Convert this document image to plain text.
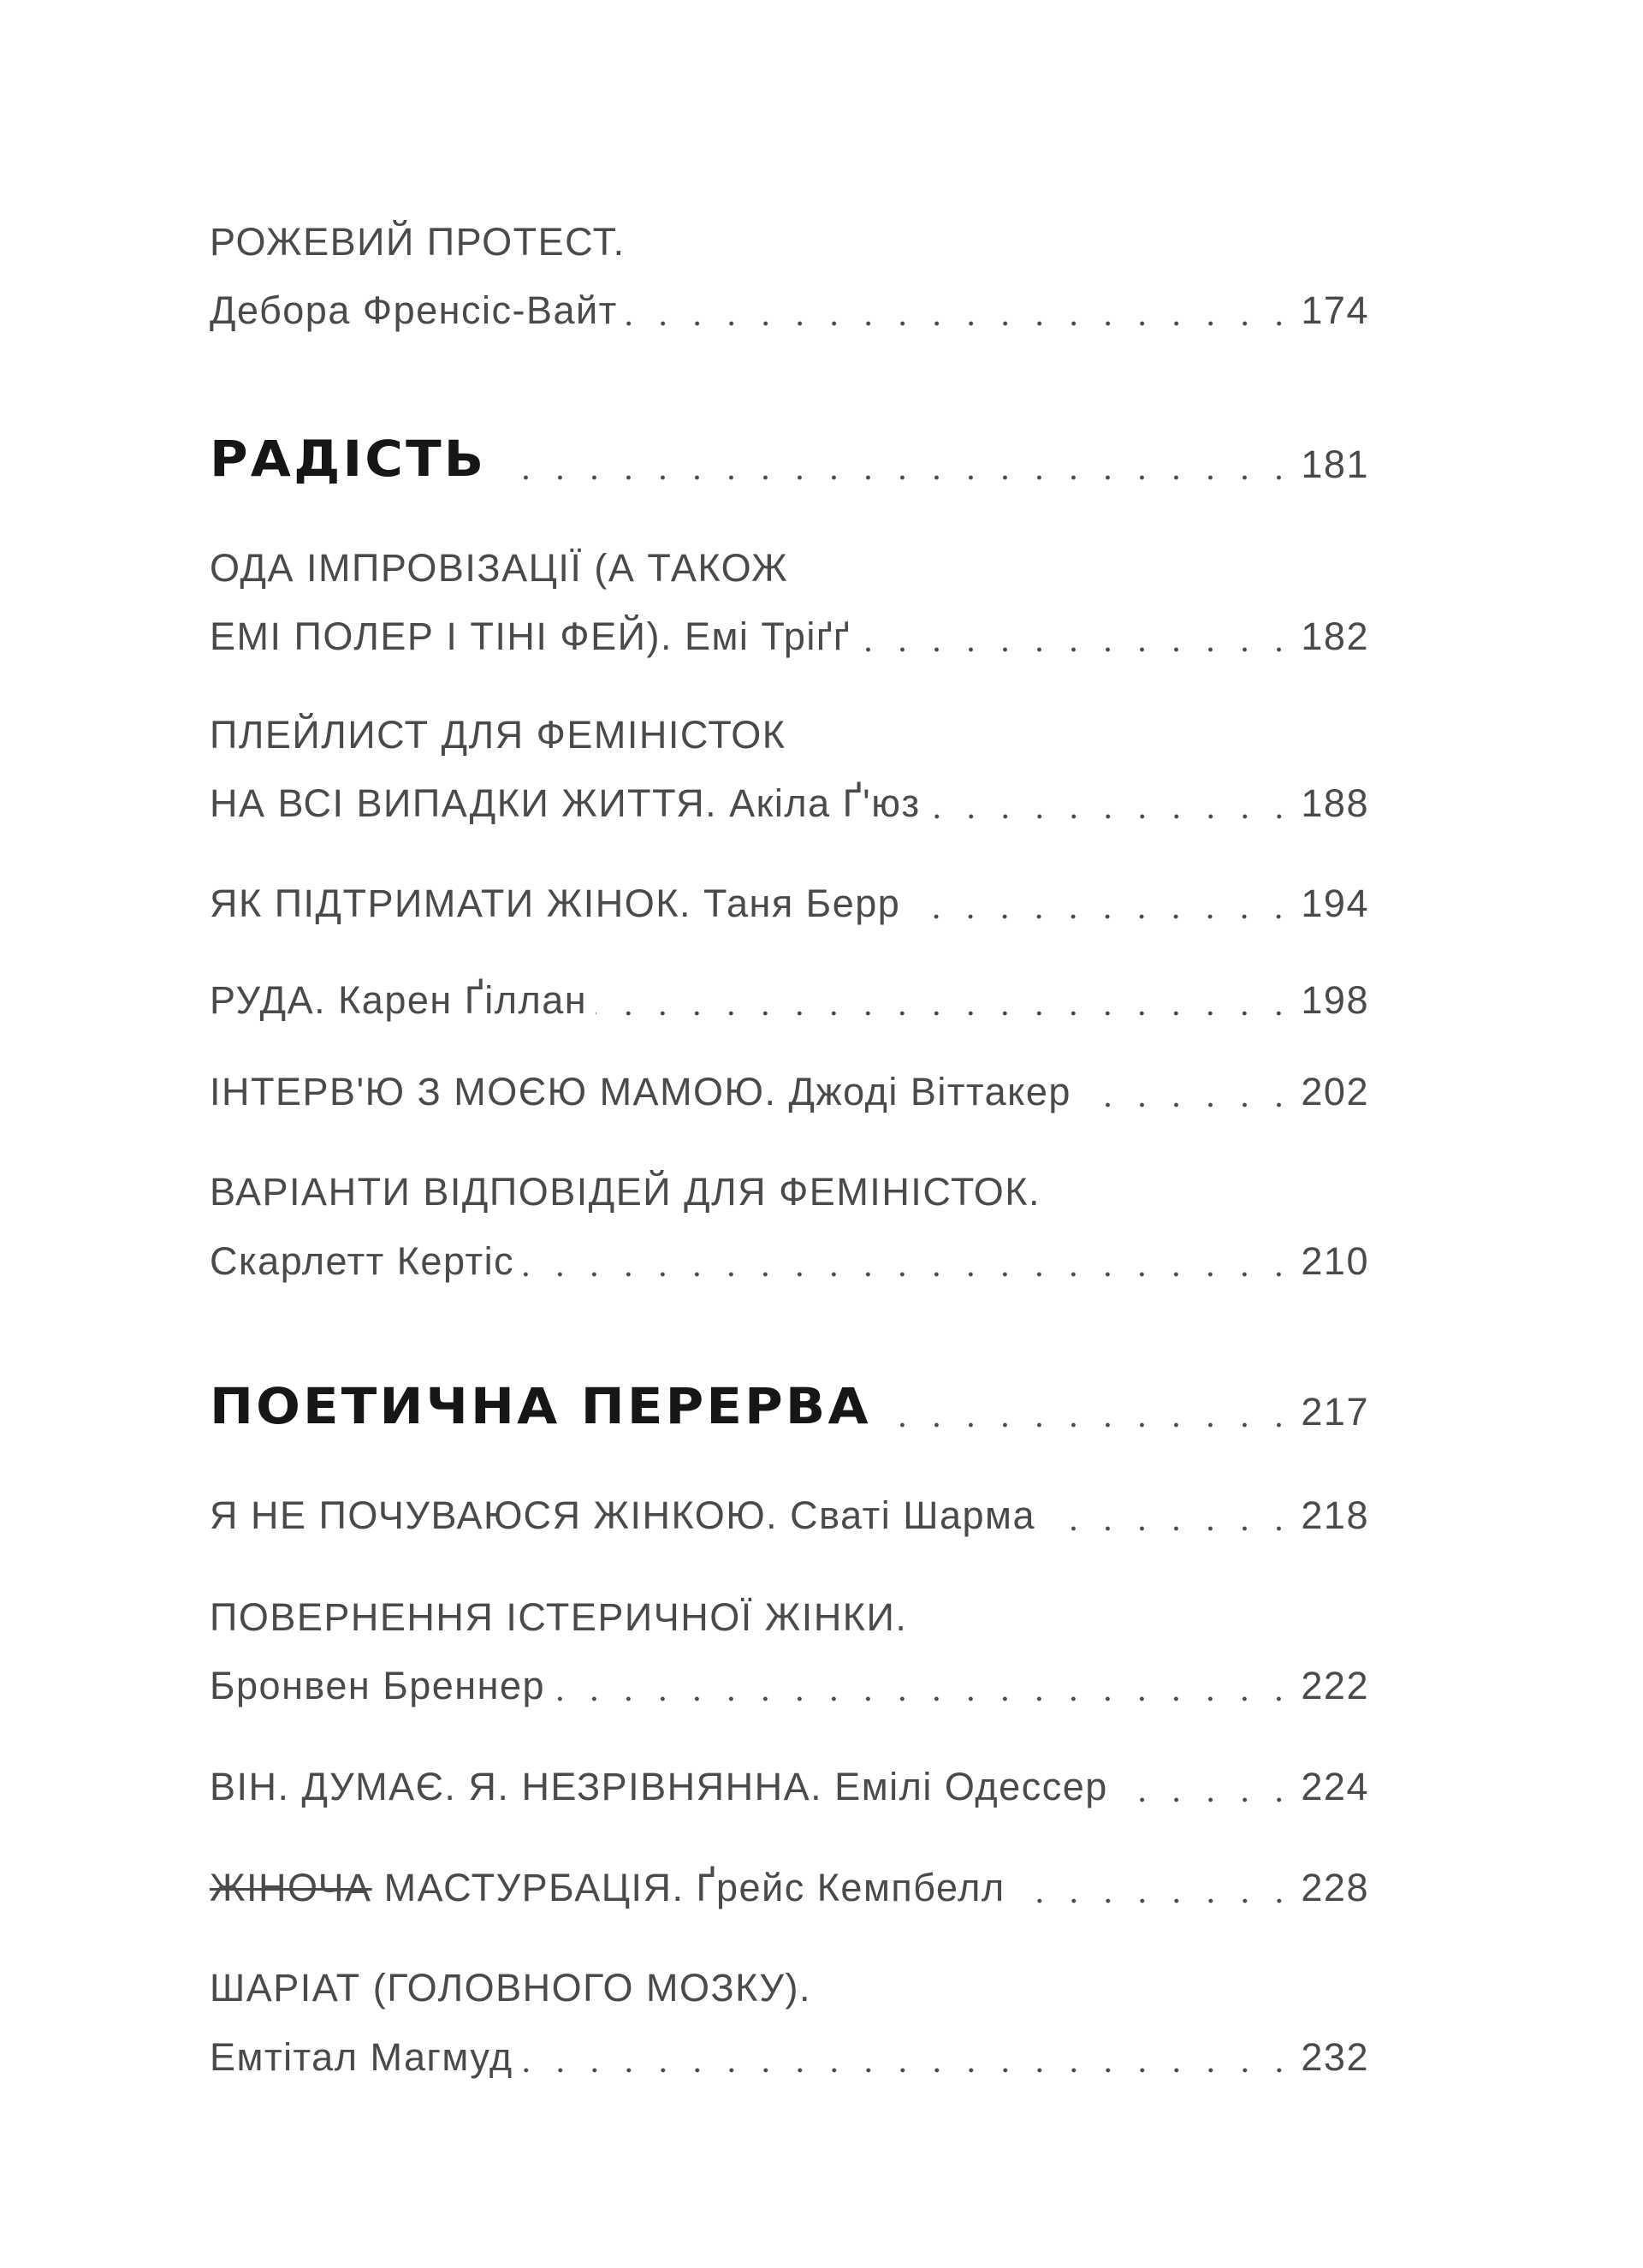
РОЖЕВИЙ ПРОТЕСТ.
Дебора Френсіс-Вайт	174
РАДІСТЬ	181
ОДА ІМПРОВІЗАЦІЇ (А ТАКОЖ
ЕМІ ПОЛЕР І ТІНІ ФЕЙ). Емі Тріґґ	182
ПЛЕЙЛИСТ ДЛЯ ФЕМІНІСТОК
НА ВСІ ВИПАДКИ ЖИТТЯ. Акіла Ґ'юз	188
ЯК ПІДТРИМАТИ ЖІНОК. Таня Берр	194
РУДА. Карен Ґіллан	198
ІНТЕРВ'Ю З МОЄЮ МАМОЮ. Джоді Віттакер	202
ВАРІАНТИ ВІДПОВІДЕЙ ДЛЯ ФЕМІНІСТОК.
Скарлетт Кертіс	210
ПОЕТИЧНА ПЕРЕРВА	217
Я НЕ ПОЧУВАЮСЯ ЖІНКОЮ. Сваті Шарма	218
ПОВЕРНЕННЯ ІСТЕРИЧНОЇ ЖІНКИ.
Бронвен Бреннер	222
ВІН. ДУМАЄ. Я. НЕЗРІВНЯННА. Емілі Одессер	224
ЖІНОЧА МАСТУРБАЦІЯ. Ґрейс Кемпбелл	228
ШАРІАТ (ГОЛОВНОГО МОЗКУ).
Емтітал Магмуд	232
